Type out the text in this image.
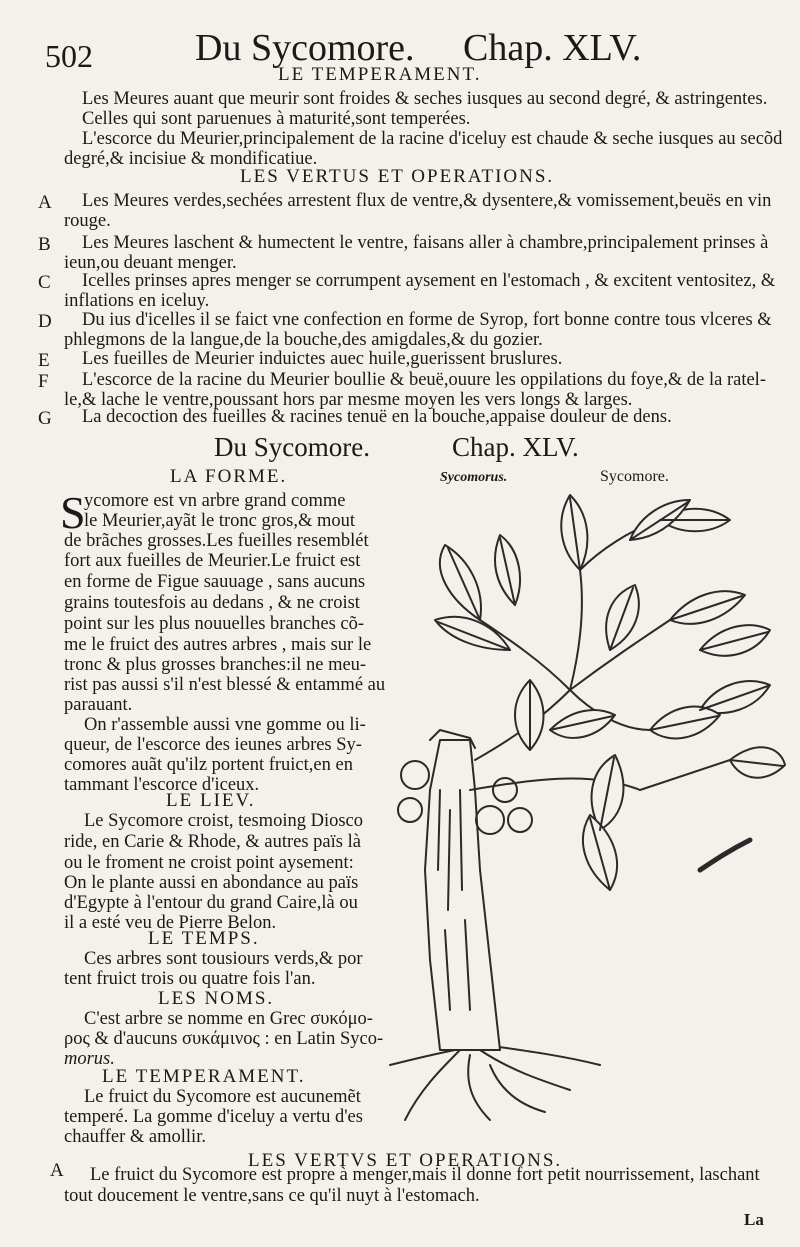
502	Du Sycomore. Chap. XLV.
LE TEMPERAMENT.
Les Meures auant que meurir sont froides & seches iusques au second degré, & astringentes.
Celles qui sont paruenues à maturité,sont temperées.
L'escorce du Meurier,principalement de la racine d'iceluy est chaude & seche iusques au secõd
degré,& incisiue & mondificatiue.
LES VERTUS ET OPERATIONS.
A Les Meures verdes,sechées arrestent flux de ventre,& dysentere,& vomissement,beuës en vin
rouge.
B Les Meures laschent & humectent le ventre, faisans aller à chambre,principalement prinses à
ieun,ou deuant menger.
C Icelles prinses apres menger se corrumpent aysement en l'estomach , & excitent ventositez, &
inflations en iceluy.
D Du ius d'icelles il se faict vne confection en forme de Syrop, fort bonne contre tous vlceres &
phlegmons de la langue,de la bouche,des amigdales,& du gozier.
E Les fueilles de Meurier induictes auec huile,guerissent bruslures.
F L'escorce de la racine du Meurier boullie & beuë,ouure les oppilations du foye,& de la ratel-
le,& lache le ventre,poussant hors par mesme moyen les vers longs & larges.
G La decoction des fueilles & racines tenuë en la bouche,appaise douleur de dens.
Du Sycomore.	Chap. XLV.
Sycomorus.	Sycomore.
LA FORME.
S
ycomore est vn arbre grand comme
le Meurier,ayãt le tronc gros,& mout
de brãches grosses.Les fueilles resemblét
fort aux fueilles de Meurier.Le fruict est
en forme de Figue sauuage , sans aucuns
grains toutesfois au dedans , & ne croist
point sur les plus nouuelles branches cõ-
me le fruict des autres arbres , mais sur le
tronc & plus grosses branches:il ne meu-
rist pas aussi s'il n'est blessé & entammé au
parauant.
On r'assemble aussi vne gomme ou li-
queur, de l'escorce des ieunes arbres Sy-
comores auãt qu'ilz portent fruict,en en
tammant l'escorce d'iceux.
LE LIEV.
Le Sycomore croist, tesmoing Diosco
ride, en Carie & Rhode, & autres païs là
ou le froment ne croist point aysement:
On le plante aussi en abondance au païs
d'Egypte à l'entour du grand Caire,là ou
il a esté veu de Pierre Belon.
LE TEMPS.
Ces arbres sont tousiours verds,& por
tent fruict trois ou quatre fois l'an.
LES NOMS.
C'est arbre se nomme en Grec συκόμο-
ρος & d'aucuns συκάμινος : en Latin Syco-
morus.
LE TEMPERAMENT.
Le fruict du Sycomore est aucunemẽt
temperé. La gomme d'iceluy a vertu d'es
chauffer & amollir.
LES VERTVS ET OPERATIONS.
A Le fruict du Sycomore est propre à menger,mais il donne fort petit nourrissement, laschant
tout doucement le ventre,sans ce qu'il nuyt à l'estomach.
La
